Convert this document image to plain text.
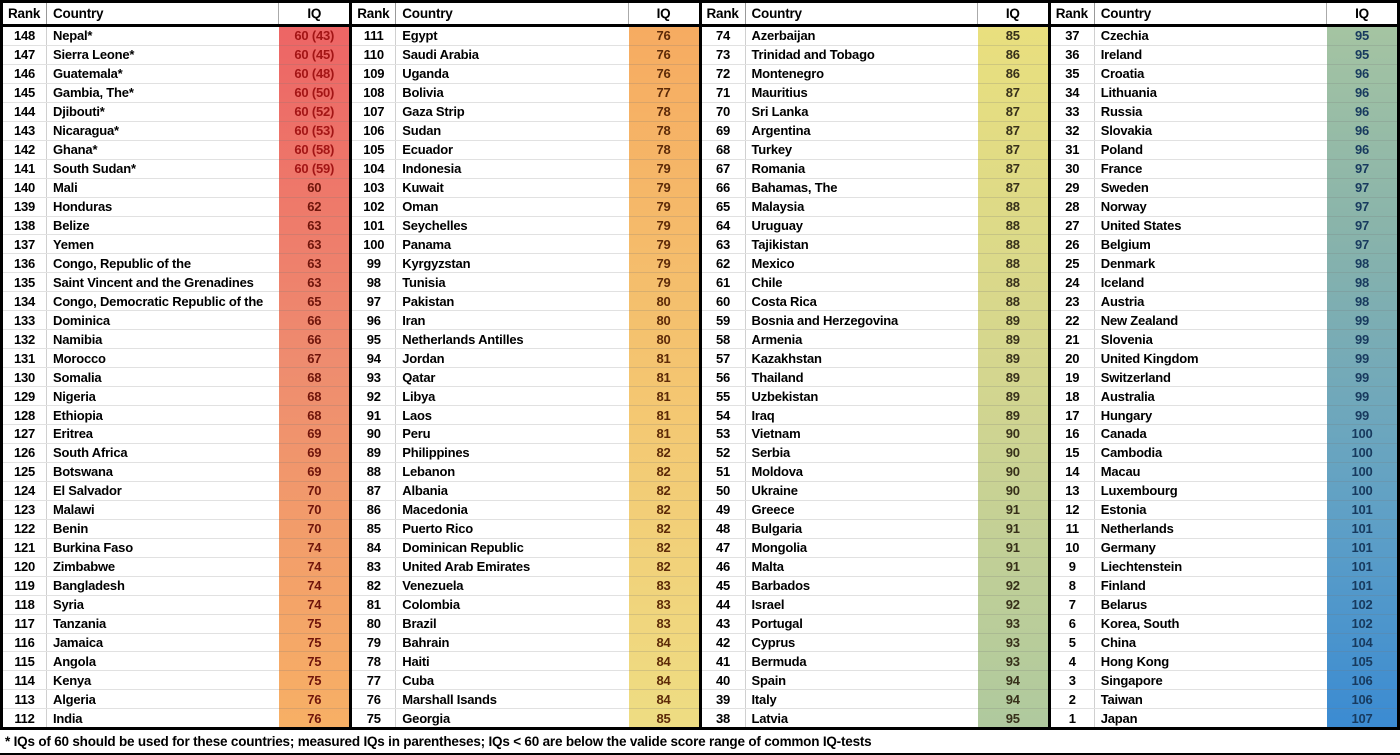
Rank Country	IQ
148	Nepal*	60 (43)
147	Sierra Leone*	60 (45)
146	Guatemala*	60 (48)
145	Gambia, The*	60 (50)
144	Djibouti*	60 (52)
143	Nicaragua*	60 (53)
142	Ghana*	60 (58)
141	South Sudan*	60 (59)
140	Mali	60
139	Honduras	62
138	Belize	63
137	Yemen	63
136	Congo, Republic of the	63
135	Saint Vincent and the Grenadines	63
134	Congo, Democratic Republic of the	65
133	Dominica	66
132	Namibia	66
131	Morocco	67
130	Somalia	68
129	Nigeria	68
128	Ethiopia	68
127	Eritrea	69
126	South Africa	69
125	Botswana	69
124	El Salvador	70
123	Malawi	70
122	Benin	70
121	Burkina Faso	74
120	Zimbabwe	74
119	Bangladesh	74
118	Syria	74
117	Tanzania	75
116	Jamaica	75
115	Angola	75
114	Kenya	75
113	Algeria	76
112	India	76
Rank Country	IQ
111	Egypt	76
110	Saudi Arabia	76
109	Uganda	76
108	Bolivia	77
107	Gaza Strip	78
106	Sudan	78
105	Ecuador	78
104	Indonesia	79
103	Kuwait	79
102	Oman	79
101	Seychelles	79
100	Panama	79
99	Kyrgyzstan	79
98	Tunisia	79
97	Pakistan	80
96	Iran	80
95	Netherlands Antilles	80
94	Jordan	81
93	Qatar	81
92	Libya	81
91	Laos	81
90	Peru	81
89	Philippines	82
88	Lebanon	82
87	Albania	82
86	Macedonia	82
85	Puerto Rico	82
84	Dominican Republic	82
83	United Arab Emirates	82
82	Venezuela	83
81	Colombia	83
80	Brazil	83
79	Bahrain	84
78	Haiti	84
77	Cuba	84
76	Marshall Isands	84
75	Georgia	85
Rank Country	IQ
74	Azerbaijan	85
73	Trinidad and Tobago	86
72	Montenegro	86
71	Mauritius	87
70	Sri Lanka	87
69	Argentina	87
68	Turkey	87
67	Romania	87
66	Bahamas, The	87
65	Malaysia	88
64	Uruguay	88
63	Tajikistan	88
62	Mexico	88
61	Chile	88
60	Costa Rica	88
59	Bosnia and Herzegovina	89
58	Armenia	89
57	Kazakhstan	89
56	Thailand	89
55	Uzbekistan	89
54	Iraq	89
53	Vietnam	90
52	Serbia	90
51	Moldova	90
50	Ukraine	90
49	Greece	91
48	Bulgaria	91
47	Mongolia	91
46	Malta	91
45	Barbados	92
44	Israel	92
43	Portugal	93
42	Cyprus	93
41	Bermuda	93
40	Spain	94
39	Italy	94
38	Latvia	95
Rank Country	IQ
37	Czechia	95
36	Ireland	95
35	Croatia	96
34	Lithuania	96
33	Russia	96
32	Slovakia	96
31	Poland	96
30	France	97
29	Sweden	97
28	Norway	97
27	United States	97
26	Belgium	97
25	Denmark	98
24	Iceland	98
23	Austria	98
22	New Zealand	99
21	Slovenia	99
20	United Kingdom	99
19	Switzerland	99
18	Australia	99
17	Hungary	99
16	Canada	100
15	Cambodia	100
14	Macau	100
13	Luxembourg	100
12	Estonia	101
11	Netherlands	101
10	Germany	101
9	Liechtenstein	101
8	Finland	101
7	Belarus	102
6	Korea, South	102
5	China	104
4	Hong Kong	105
3	Singapore	106
2	Taiwan	106
1	Japan	107
* IQs of 60 should be used for these countries; measured IQs in parentheses; IQs < 60 are below the valide score range of common IQ-tests
